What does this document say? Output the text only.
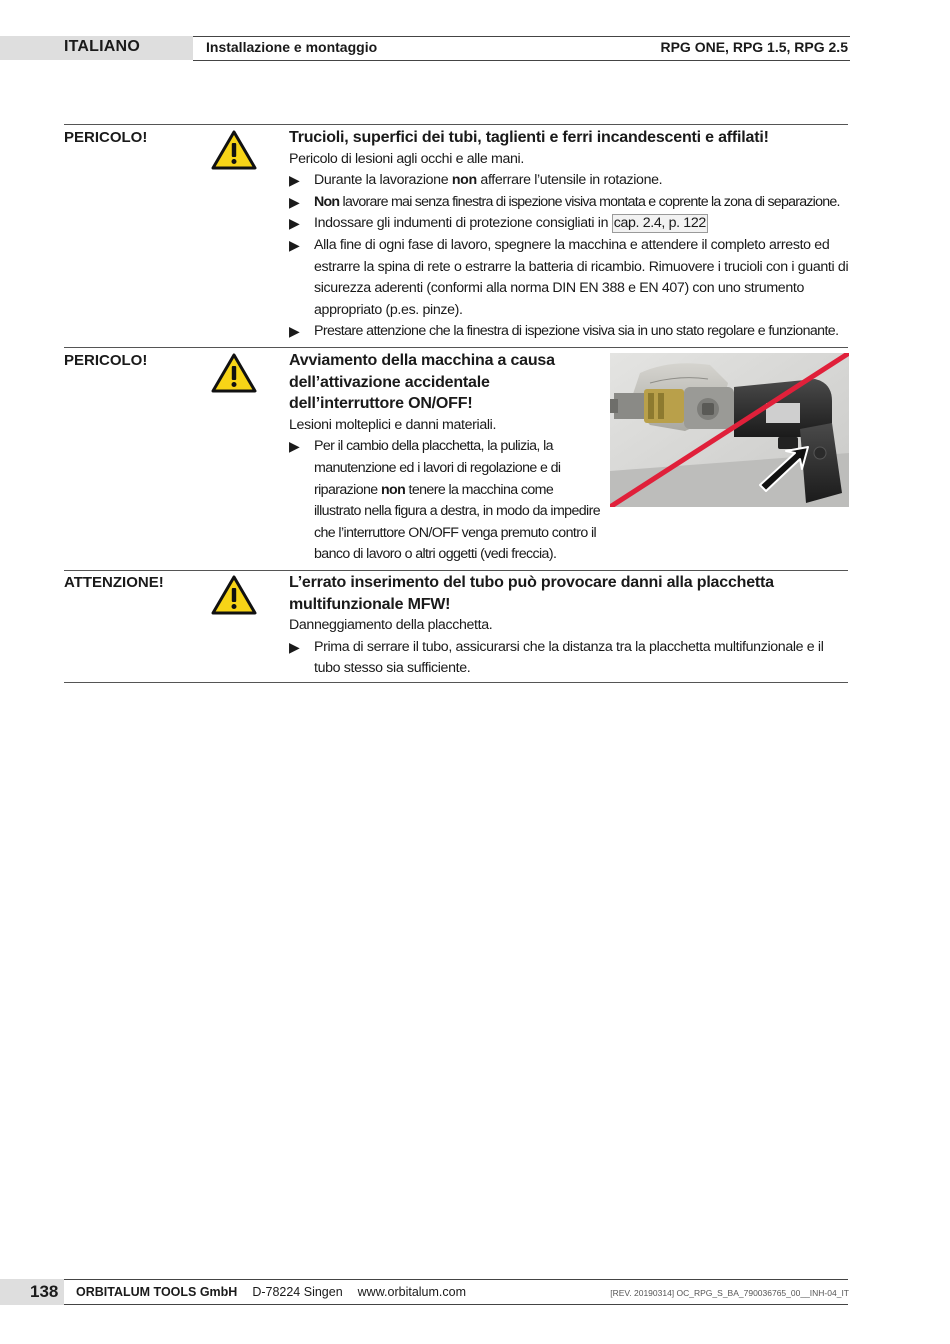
ITALIANO	Installazione e montaggio	RPG ONE, RPG 1.5, RPG 2.5
PERICOLO!	Trucioli, superfici dei tubi, taglienti e ferri incandescenti e affilati!
Pericolo di lesioni agli occhi e alle mani.
▶ Durante la lavorazione non afferrare l’utensile in rotazione.
▶ Non lavorare mai senza finestra di ispezione visiva montata e coprente la zona di separazione.
▶ Indossare gli indumenti di protezione consigliati in cap. 2.4, p. 122
▶ Alla fine di ogni fase di lavoro, spegnere la macchina e attendere il completo arresto ed estrarre la spina di rete o estrarre la batteria di ricambio. Rimuovere i trucioli con i guanti di sicurezza aderenti (conformi alla norma DIN EN 388 e EN 407) con uno strumento appropriato (p.es. pinze).
▶ Prestare attenzione che la finestra di ispezione visiva sia in uno stato regolare e funzionante.
PERICOLO!	Avviamento della macchina a causa dell’attivazione accidentale dell’interruttore ON/OFF!
Lesioni molteplici e danni materiali.
▶ Per il cambio della placchetta, la pulizia, la manutenzione ed i lavori di regolazione e di riparazione non tenere la macchina come illustrato nella figura a destra, in modo da impedire che l’interruttore ON/OFF venga premuto contro il banco di lavoro o altri oggetti (vedi freccia).
ATTENZIONE!	L’errato inserimento del tubo può provocare danni alla placchetta multifunzionale MFW!
Danneggiamento della placchetta.
▶ Prima di serrare il tubo, assicurarsi che la distanza tra la placchetta multifunzionale e il tubo stesso sia sufficiente.
138 ORBITALUM TOOLS GmbH D-78224 Singen www.orbitalum.com	[REV. 20190314] OC_RPG_S_BA_790036765_00__INH-04_IT
